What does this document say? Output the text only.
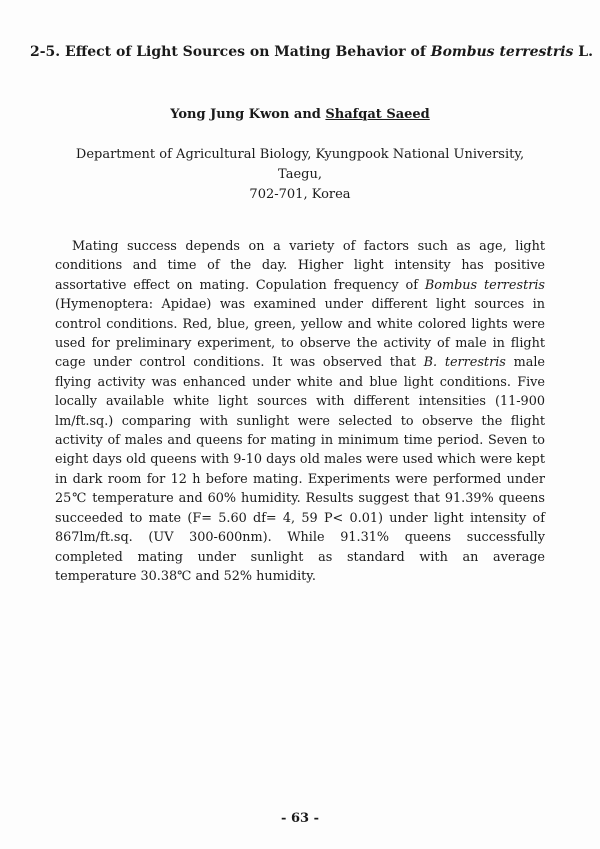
2-5. Effect of Light Sources on Mating Behavior of Bombus terrestris L.
Yong Jung Kwon and Shafqat Saeed
Department of Agricultural Biology, Kyungpook National University, Taegu,
702-701, Korea
Mating success depends on a variety of factors such as age, light conditions and time of the day. Higher light intensity has positive assortative effect on mating. Copulation frequency of Bombus terrestris (Hymenoptera: Apidae) was examined under different light sources in control conditions. Red, blue, green, yellow and white colored lights were used for preliminary experiment, to observe the activity of male in flight cage under control conditions. It was observed that B. terrestris male flying activity was enhanced under white and blue light conditions. Five locally available white light sources with different intensities (11-900 lm/ft.sq.) comparing with sunlight were selected to observe the flight activity of males and queens for mating in minimum time period. Seven to eight days old queens with 9-10 days old males were used which were kept in dark room for 12 h before mating. Experiments were performed under 25℃ temperature and 60% humidity. Results suggest that 91.39% queens succeeded to mate (F= 5.60 df= 4, 59 P< 0.01) under light intensity of 867lm/ft.sq. (UV 300-600nm). While 91.31% queens successfully completed mating under sunlight as standard with an average temperature 30.38℃ and 52% humidity.
- 63 -
